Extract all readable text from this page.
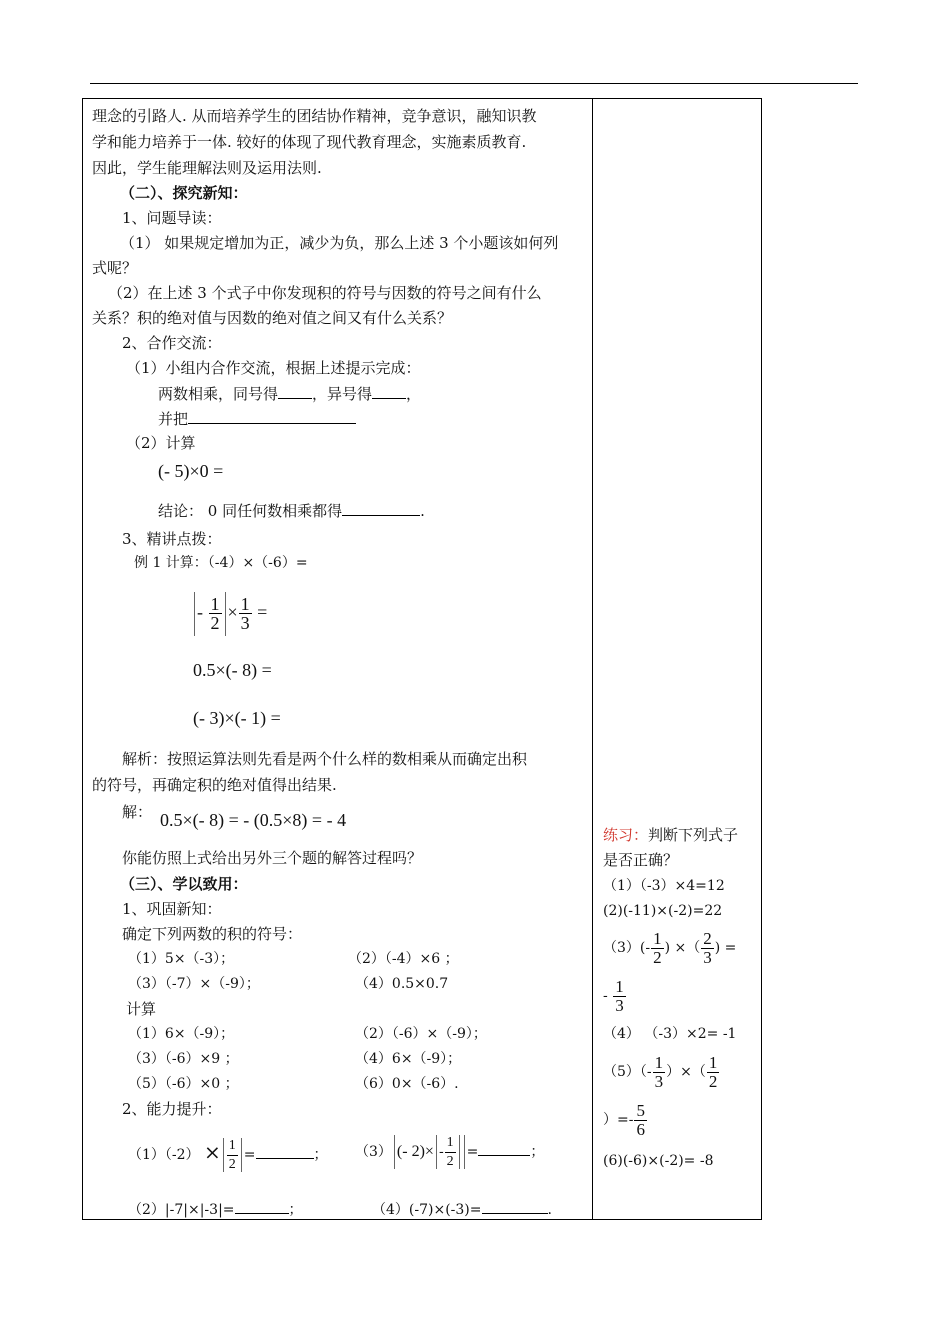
理念的引路人. 从而培养学生的团结协作精神，竞争意识，融知识教
学和能力培养于一体. 较好的体现了现代教育理念，实施素质教育.
因此，学生能理解法则及运用法则.
（二）、探究新知：
1、问题导读：
（1） 如果规定增加为正，减少为负，那么上述 3 个小题该如何列
式呢？
（2）在上述 3 个式子中你发现积的符号与因数的符号之间有什么
关系？积的绝对值与因数的绝对值之间又有什么关系？
2、合作交流：
（1）小组内合作交流，根据上述提示完成：
两数相乘，同号得 ，异号得 ，
并把
（2）计算
(- 5)×0 =
结论： 0 同任何数相乘都得	.
3、精讲点拨：
例 1 计算：（-4）×（-6）=
- $\frac{1}{2} \times \frac{1}{3}$ =
0.5×(- 8) =
(- 3)×(- 1) =
解析：按照运算法则先看是两个什么样的数相乘从而确定出积
的符号，再确定积的绝对值得出结果.
解： 0.5×(- 8) = - (0.5×8) = - 4
你能仿照上式给出另外三个题的解答过程吗？
（三）、学以致用：
1、巩固新知：
确定下列两数的积的符号：
（1）5×（-3）；	（2）（-4）×6 ；
（3）（-7）×（-9）；	（4）0.5×0.7
计算
（1）6×（-9）；	（2）（-6）×（-9）；
（3）（-6）×9 ；	（4）6×（-9）；
（5）（-6）×0 ；	（6）0×（-6）.
2、能力提升：
$(1)(-2) \times \frac{1}{2}$ =	； （3） (- $2)\times - \frac{1}{2}$ =	；
（2）|-7|×|-3|=	；	（4）(-7)×(-3)=	.
练习：判断下列式子
是否正确？
（1）（-3）×4=12
(2)(-11)×(-2)=22
$(3)(- \frac{1}{2}$ ) ×（ $\frac{2}{3}$ ) =
- $\frac{1}{3}$
（4） （-3）×2= -1
$(5)(- \frac{1}{3}$ ）×（ $\frac{1}{2}$
）=- $\frac{5}{6}$
(6)(-6)×(-2)= -8
